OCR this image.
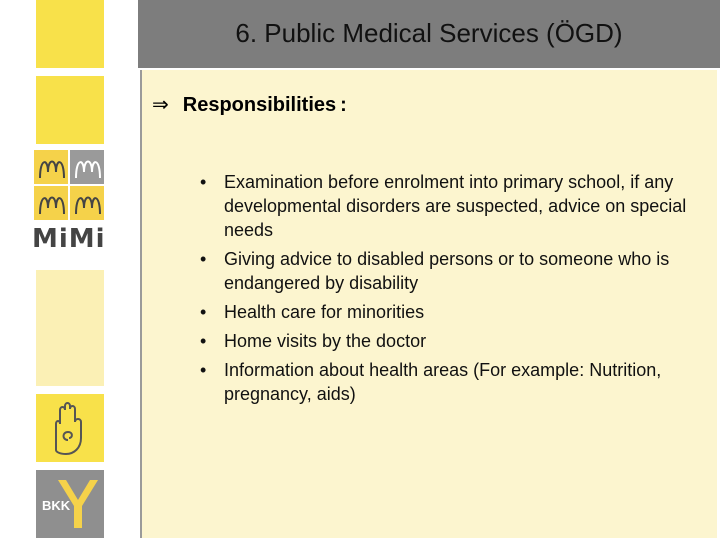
MiMi
BKK
6. Public Medical Services (ÖGD)
⇒ Responsibilities :
• Examination before enrolment into primary school, if any developmental disorders are suspected, advice on special needs
• Giving advice to disabled persons or to someone who is endangered by disability
• Health care for minorities
• Home visits by the doctor
• Information about health areas (For example: Nutrition, pregnancy, aids)
